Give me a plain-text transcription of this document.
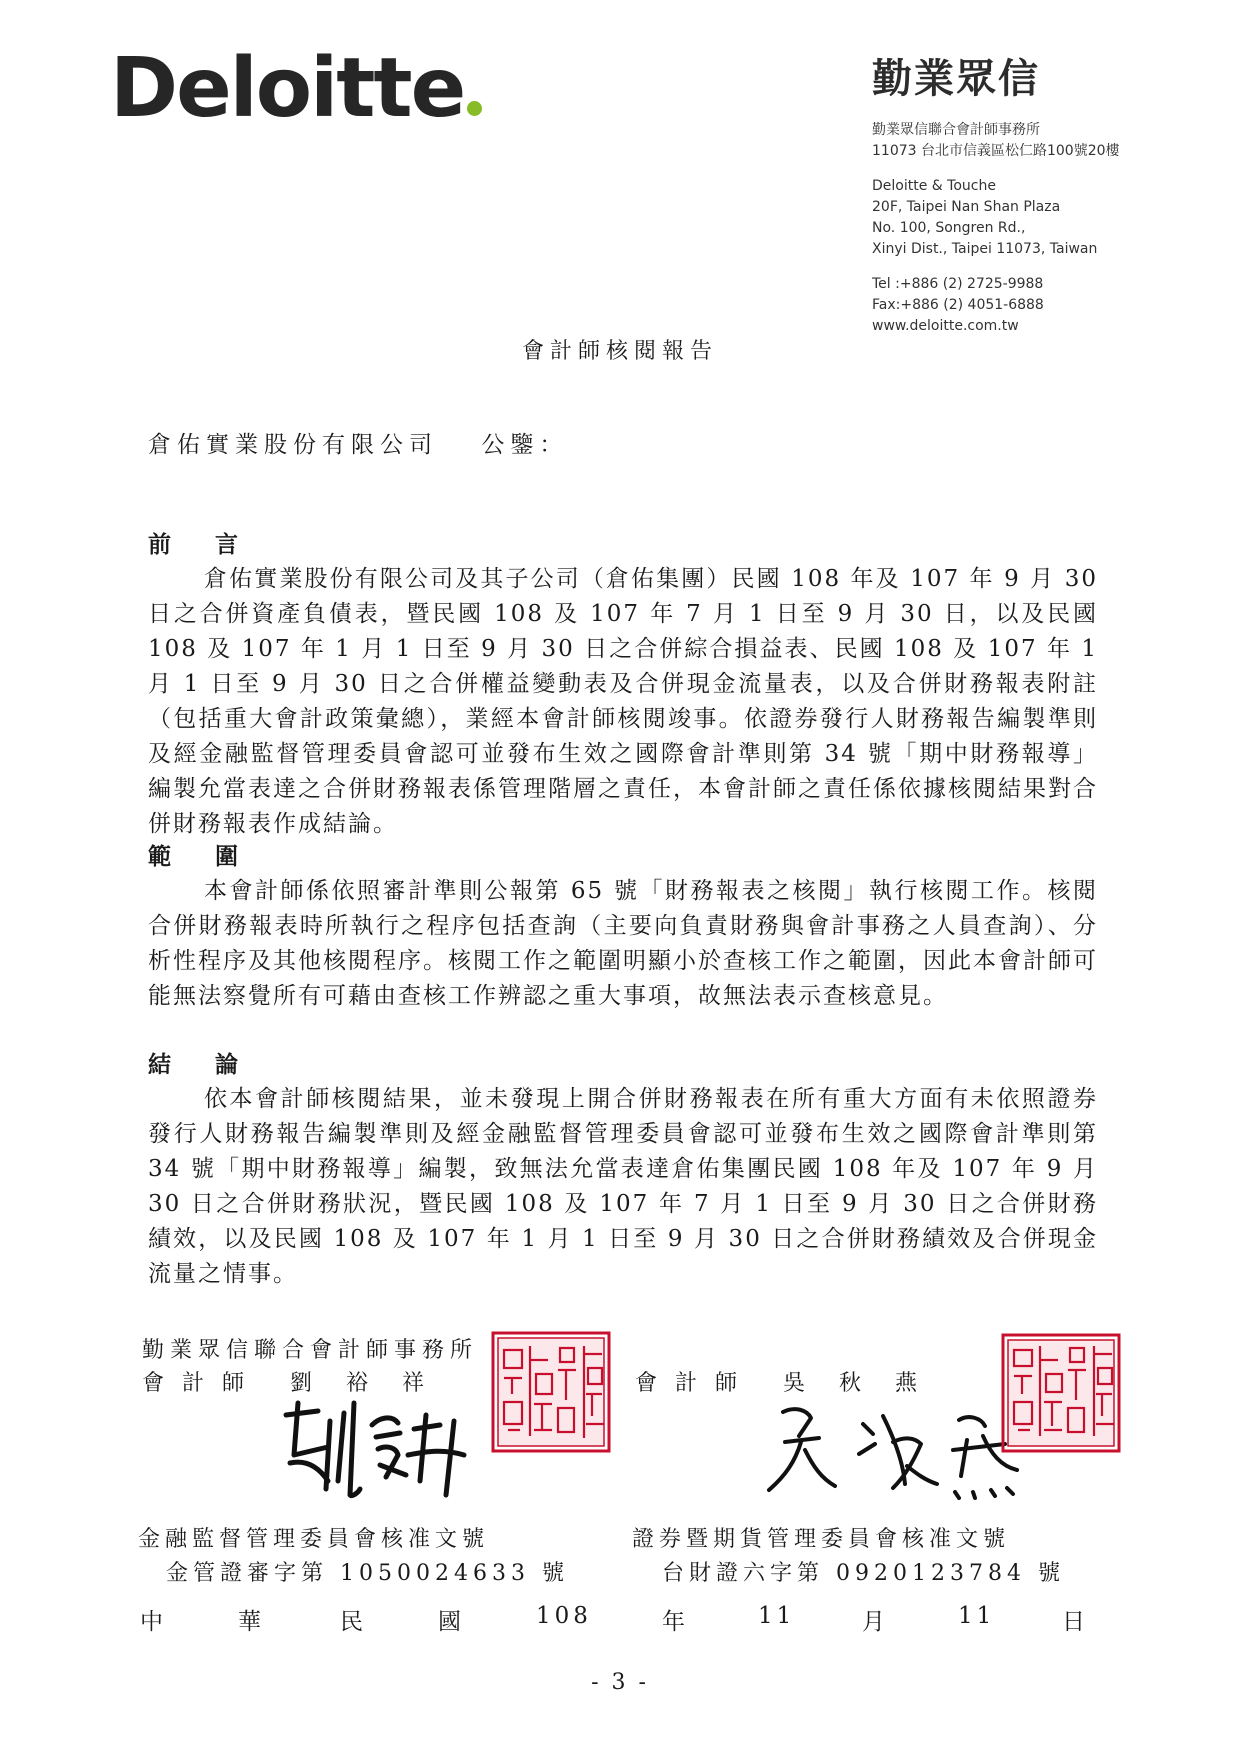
Deloitte	勤業眾信
勤業眾信聯合會計師事務所
11073 台北市信義區松仁路100號20樓
Deloitte & Touche
20F, Taipei Nan Shan Plaza
No. 100, Songren Rd.,
Xinyi Dist., Taipei 11073, Taiwan
Tel :+886 (2) 2725-9988
Fax:+886 (2) 4051-6888
www.deloitte.com.tw
會計師核閱報告
倉佑實業股份有限公司 公鑒：
前言
倉佑實業股份有限公司及其子公司（倉佑集團）民國 108 年及 107 年 9 月 30 日之合併資產負債表，暨民國 108 及 107 年 7 月 1 日至 9 月 30 日，以及民國 108 及 107 年 1 月 1 日至 9 月 30 日之合併綜合損益表、民國 108 及 107 年 1 月 1 日至 9 月 30 日之合併權益變動表及合併現金流量表，以及合併財務報表附註（包括重大會計政策彙總），業經本會計師核閱竣事。依證券發行人財務報告編製準則及經金融監督管理委員會認可並發布生效之國際會計準則第 34 號「期中財務報導」編製允當表達之合併財務報表係管理階層之責任，本會計師之責任係依據核閱結果對合併財務報表作成結論。
範圍
本會計師係依照審計準則公報第 65 號「財務報表之核閱」執行核閱工作。核閱合併財務報表時所執行之程序包括查詢（主要向負責財務與會計事務之人員查詢）、分析性程序及其他核閱程序。核閱工作之範圍明顯小於查核工作之範圍，因此本會計師可能無法察覺所有可藉由查核工作辨認之重大事項，故無法表示查核意見。
結論
依本會計師核閱結果，並未發現上開合併財務報表在所有重大方面有未依照證券發行人財務報告編製準則及經金融監督管理委員會認可並發布生效之國際會計準則第 34 號「期中財務報導」編製，致無法允當表達倉佑集團民國 108 年及 107 年 9 月 30 日之合併財務狀況，暨民國 108 及 107 年 7 月 1 日至 9 月 30 日之合併財務績效，以及民國 108 及 107 年 1 月 1 日至 9 月 30 日之合併財務績效及合併現金流量之情事。
勤業眾信聯合會計師事務所
會計師 劉裕祥	會計師 吳秋燕
金融監督管理委員會核准文號
金管證審字第 1050024633 號
證券暨期貨管理委員會核准文號
台財證六字第 0920123784 號
中	華	民	國	108	年	11	月	11	日
- 3 -
